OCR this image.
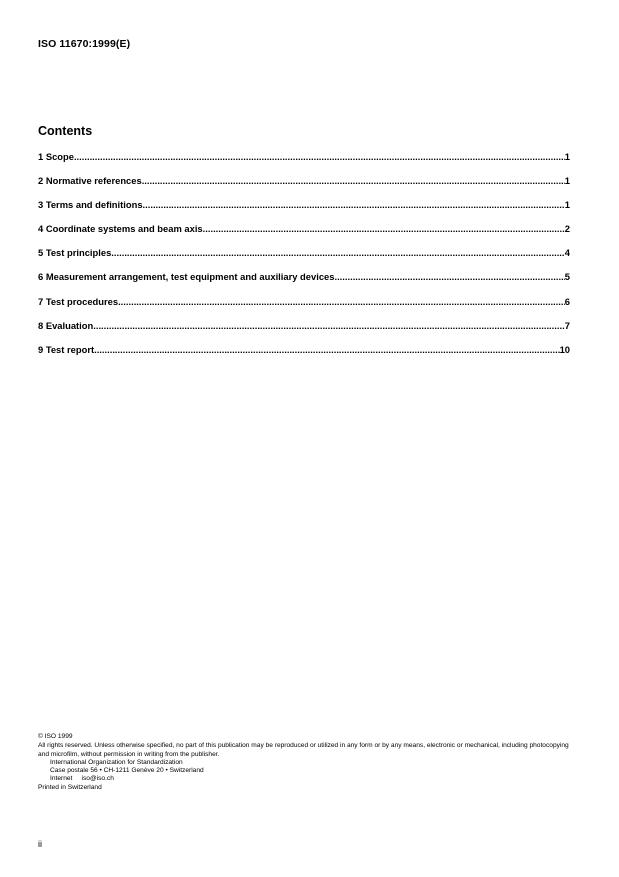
ISO 11670:1999(E)
Contents
1 Scope .....	1
2 Normative references .....	1
3 Terms and definitions .....	1
4 Coordinate systems and beam axis .....	2
5 Test principles .....	4
6 Measurement arrangement, test equipment and auxiliary devices .....	5
7 Test procedures .....	6
8 Evaluation .....	7
9 Test report .....	10

© ISO 1999

All rights reserved. Unless otherwise specified, no part of this publication may be reproduced or utilized in any form or by any means, electronic or mechanical, including photocopying and microfilm, without permission in writing from the publisher.

International Organization for Standardization

Case postale 56 • CH-1211 Genève 20 • Switzerland

Internet     iso@iso.ch

Printed in Switzerland

ii
